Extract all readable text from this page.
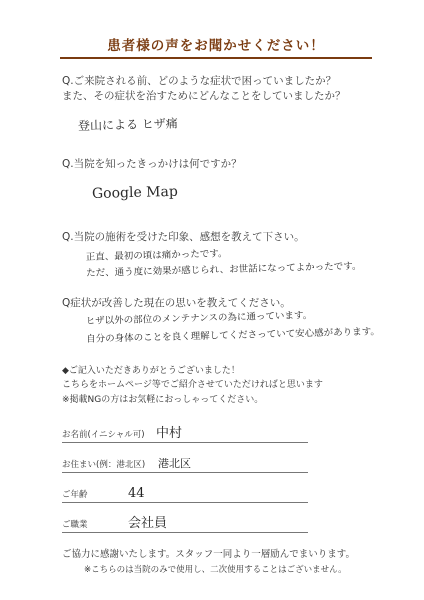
患者様の声をお聞かせください！
Q.ご来院される前、どのような症状で困っていましたか？
また、その症状を治すためにどんなことをしていましたか？
登山による ヒザ痛
Q.当院を知ったきっかけは何ですか？
Google Map
Q.当院の施術を受けた印象、感想を教えて下さい。
正直、最初の頃は痛かったです。
ただ、通う度に効果が感じられ、お世話になってよかったです。
Q症状が改善した現在の思いを教えてください。
ヒザ以外の部位のメンテナンスの為に通っています。
自分の身体のことを良く理解してくださっていて安心感があります。
◆ご記入いただきありがとうございました！
こちらをホームページ等でご紹介させていただければと思います
※掲載NGの方はお気軽におっしゃってください。
お名前(イニシャル可) 中村
お住まい(例：港北区) 港北区
ご年齢	44
ご職業	会社員
ご協力に感謝いたします。スタッフ一同より一層励んでまいります。
※こちらのは当院のみで使用し、二次使用することはございません。
